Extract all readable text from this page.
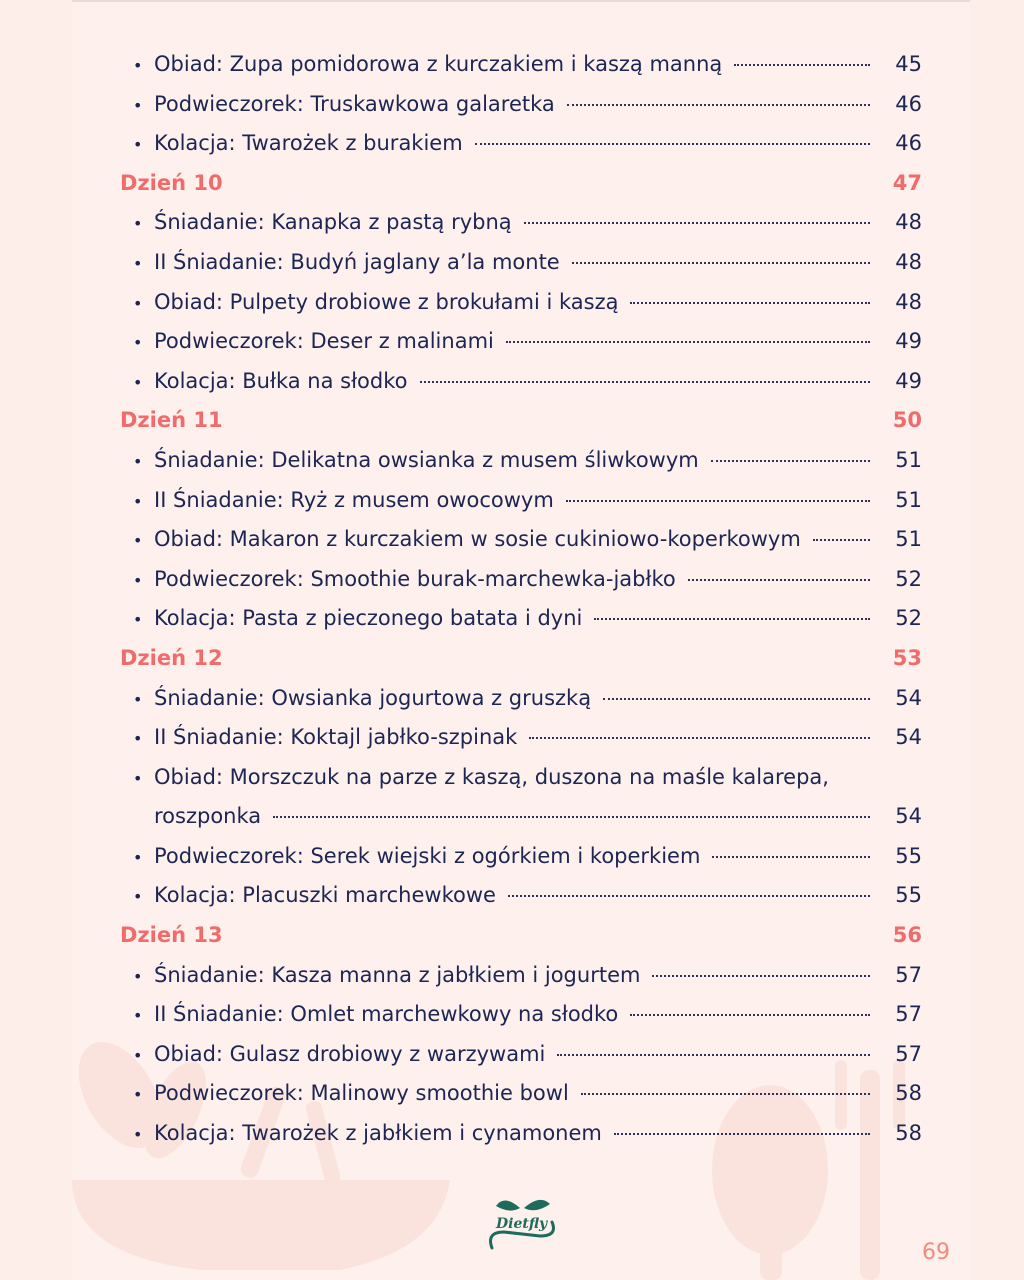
• Obiad: Zupa pomidorowa z kurczakiem i kaszą manną	45
• Podwieczorek: Truskawkowa galaretka	46
• Kolacja: Twarożek z burakiem	46
Dzień 10	47
• Śniadanie: Kanapka z pastą rybną	48
• II Śniadanie: Budyń jaglany a’la monte	48
• Obiad: Pulpety drobiowe z brokułami i kaszą	48
• Podwieczorek: Deser z malinami	49
• Kolacja: Bułka na słodko	49
Dzień 11	50
• Śniadanie: Delikatna owsianka z musem śliwkowym	51
• II Śniadanie: Ryż z musem owocowym	51
• Obiad: Makaron z kurczakiem w sosie cukiniowo-koperkowym	51
• Podwieczorek: Smoothie burak-marchewka-jabłko	52
• Kolacja: Pasta z pieczonego batata i dyni	52
Dzień 12	53
• Śniadanie: Owsianka jogurtowa z gruszką	54
• II Śniadanie: Koktajl jabłko-szpinak	54
• Obiad: Morszczuk na parze z kaszą, duszona na maśle kalarepa,
roszponka	54
• Podwieczorek: Serek wiejski z ogórkiem i koperkiem	55
• Kolacja: Placuszki marchewkowe	55
Dzień 13	56
• Śniadanie: Kasza manna z jabłkiem i jogurtem	57
• II Śniadanie: Omlet marchewkowy na słodko	57
• Obiad: Gulasz drobiowy z warzywami	57
• Podwieczorek: Malinowy smoothie bowl	58
• Kolacja: Twarożek z jabłkiem i cynamonem	58
Dietfly
69
